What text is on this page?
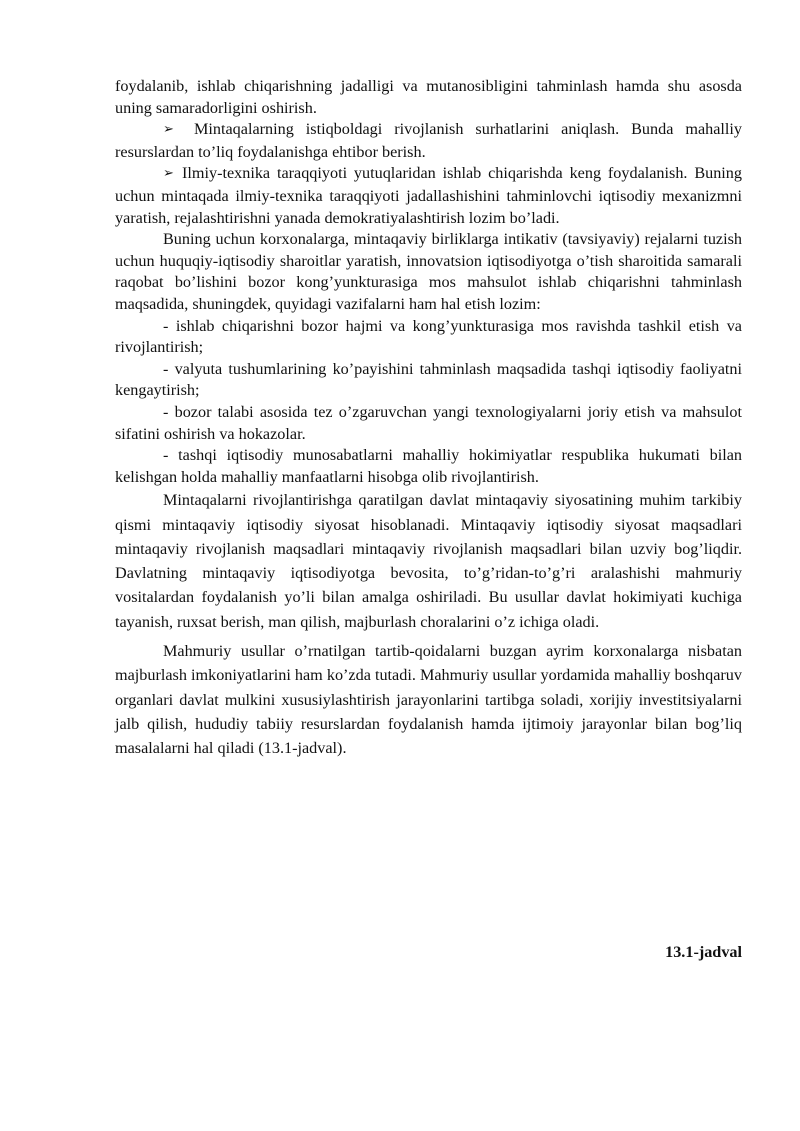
foydalanib, ishlab chiqarishning jadalligi va mutanosibligini tahminlash hamda shu asosda uning samaradorligini oshirish.

➢ Mintaqalarning istiqboldagi rivojlanish surhatlarini aniqlash. Bunda mahalliy resurslardan to’liq foydalanishga ehtibor berish.

➢ Ilmiy-texnika taraqqiyoti yutuqlaridan ishlab chiqarishda keng foydalanish. Buning uchun mintaqada ilmiy-texnika taraqqiyoti jadallashishini tahminlovchi iqtisodiy mexanizmni yaratish, rejalashtirishni yanada demokratiyalashtirish lozim bo’ladi.

Buning uchun korxonalarga, mintaqaviy birliklarga intikativ (tavsiyaviy) rejalarni tuzish uchun huquqiy-iqtisodiy sharoitlar yaratish, innovatsion iqtisodiyotga o’tish sharoitida samarali raqobat bo’lishini bozor kong’yunkturasiga mos mahsulot ishlab chiqarishni tahminlash maqsadida, shuningdek, quyidagi vazifalarni ham hal etish lozim:

- ishlab chiqarishni bozor hajmi va kong’yunkturasiga mos ravishda tashkil etish va rivojlantirish;

- valyuta tushumlarining ko’payishini tahminlash maqsadida tashqi iqtisodiy faoliyatni kengaytirish;

- bozor talabi asosida tez o’zgaruvchan yangi texnologiyalarni joriy etish va mahsulot sifatini oshirish va hokazolar.

- tashqi iqtisodiy munosabatlarni mahalliy hokimiyatlar respublika hukumati bilan kelishgan holda mahalliy manfaatlarni hisobga olib rivojlantirish.

Mintaqalarni rivojlantirishga qaratilgan davlat mintaqaviy siyosatining muhim tarkibiy qismi mintaqaviy iqtisodiy siyosat hisoblanadi. Mintaqaviy iqtisodiy siyosat maqsadlari mintaqaviy rivojlanish maqsadlari mintaqaviy rivojlanish maqsadlari bilan uzviy bog’liqdir. Davlatning mintaqaviy iqtisodiyotga bevosita, to’g’ridan-to’g’ri aralashishi mahmuriy vositalardan foydalanish yo’li bilan amalga oshiriladi. Bu usullar davlat hokimiyati kuchiga tayanish, ruxsat berish, man qilish, majburlash choralarini o’z ichiga oladi.

Mahmuriy usullar o’rnatilgan tartib-qoidalarni buzgan ayrim korxonalarga nisbatan majburlash imkoniyatlarini ham ko’zda tutadi. Mahmuriy usullar yordamida mahalliy boshqaruv organlari davlat mulkini xususiylashtirish jarayonlarini tartibga soladi, xorijiy investitsiyalarni jalb qilish, hududiy tabiiy resurslardan foydalanish hamda ijtimoiy jarayonlar bilan bog’liq masalalarni hal qiladi (13.1-jadval).

13.1-jadval
